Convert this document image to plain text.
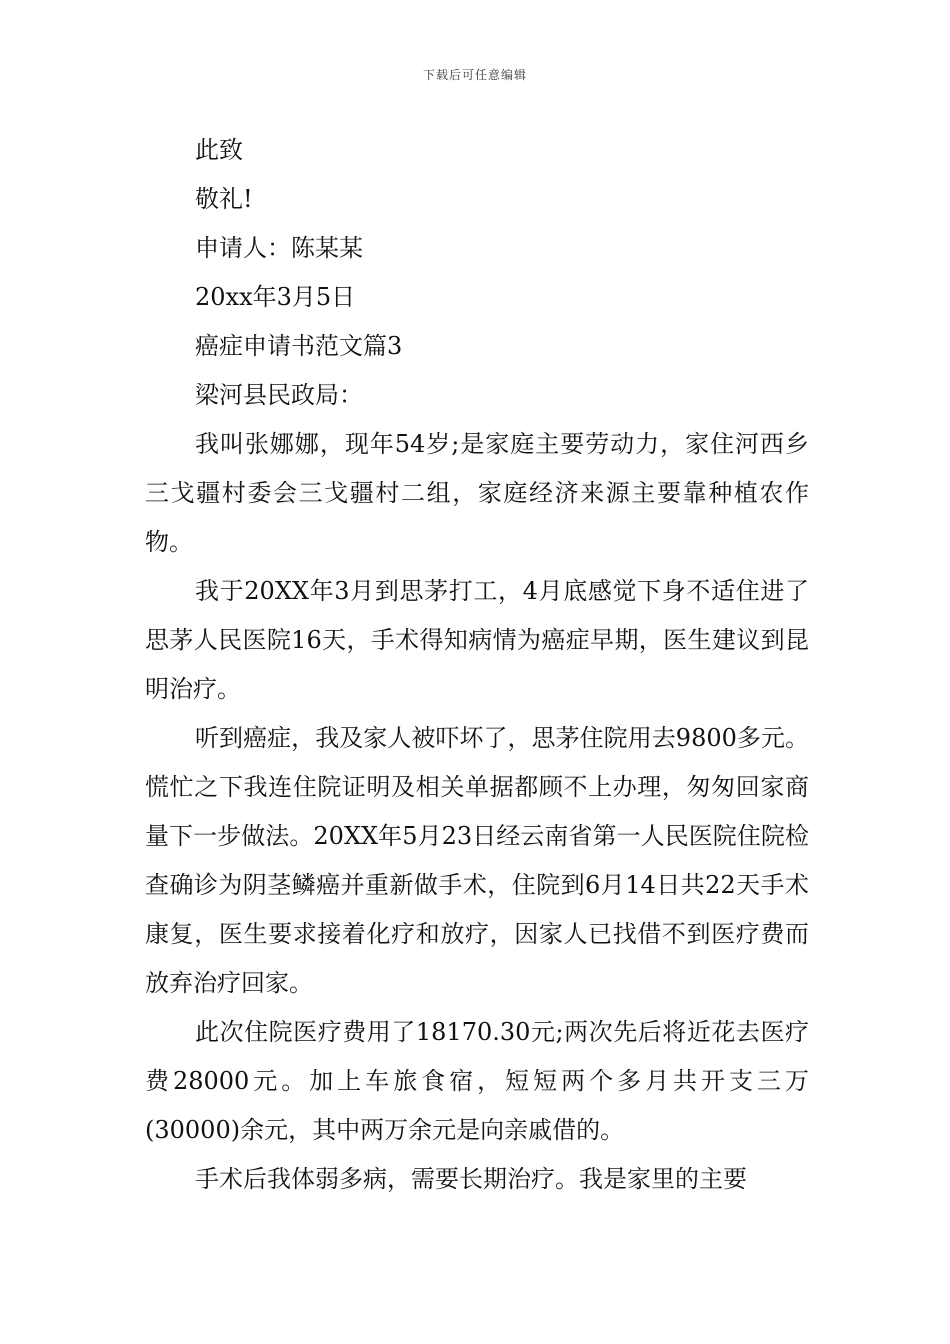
下载后可任意编辑

此致

敬礼!

申请人：陈某某

20xx年3月5日

癌症申请书范文篇3

梁河县民政局：

我叫张娜娜，现年54岁;是家庭主要劳动力，家住河西乡三戈疆村委会三戈疆村二组，家庭经济来源主要靠种植农作物。

我于20XX年3月到思茅打工，4月底感觉下身不适住进了思茅人民医院16天，手术得知病情为癌症早期，医生建议到昆明治疗。

听到癌症，我及家人被吓坏了，思茅住院用去9800多元。慌忙之下我连住院证明及相关单据都顾不上办理，匆匆回家商量下一步做法。20XX年5月23日经云南省第一人民医院住院检查确诊为阴茎鳞癌并重新做手术，住院到6月14日共22天手术康复，医生要求接着化疗和放疗，因家人已找借不到医疗费而放弃治疗回家。

此次住院医疗费用了18170.30元;两次先后将近花去医疗费28000元。加上车旅食宿，短短两个多月共开支三万(30000)余元，其中两万余元是向亲戚借的。

手术后我体弱多病，需要长期治疗。我是家里的主要
